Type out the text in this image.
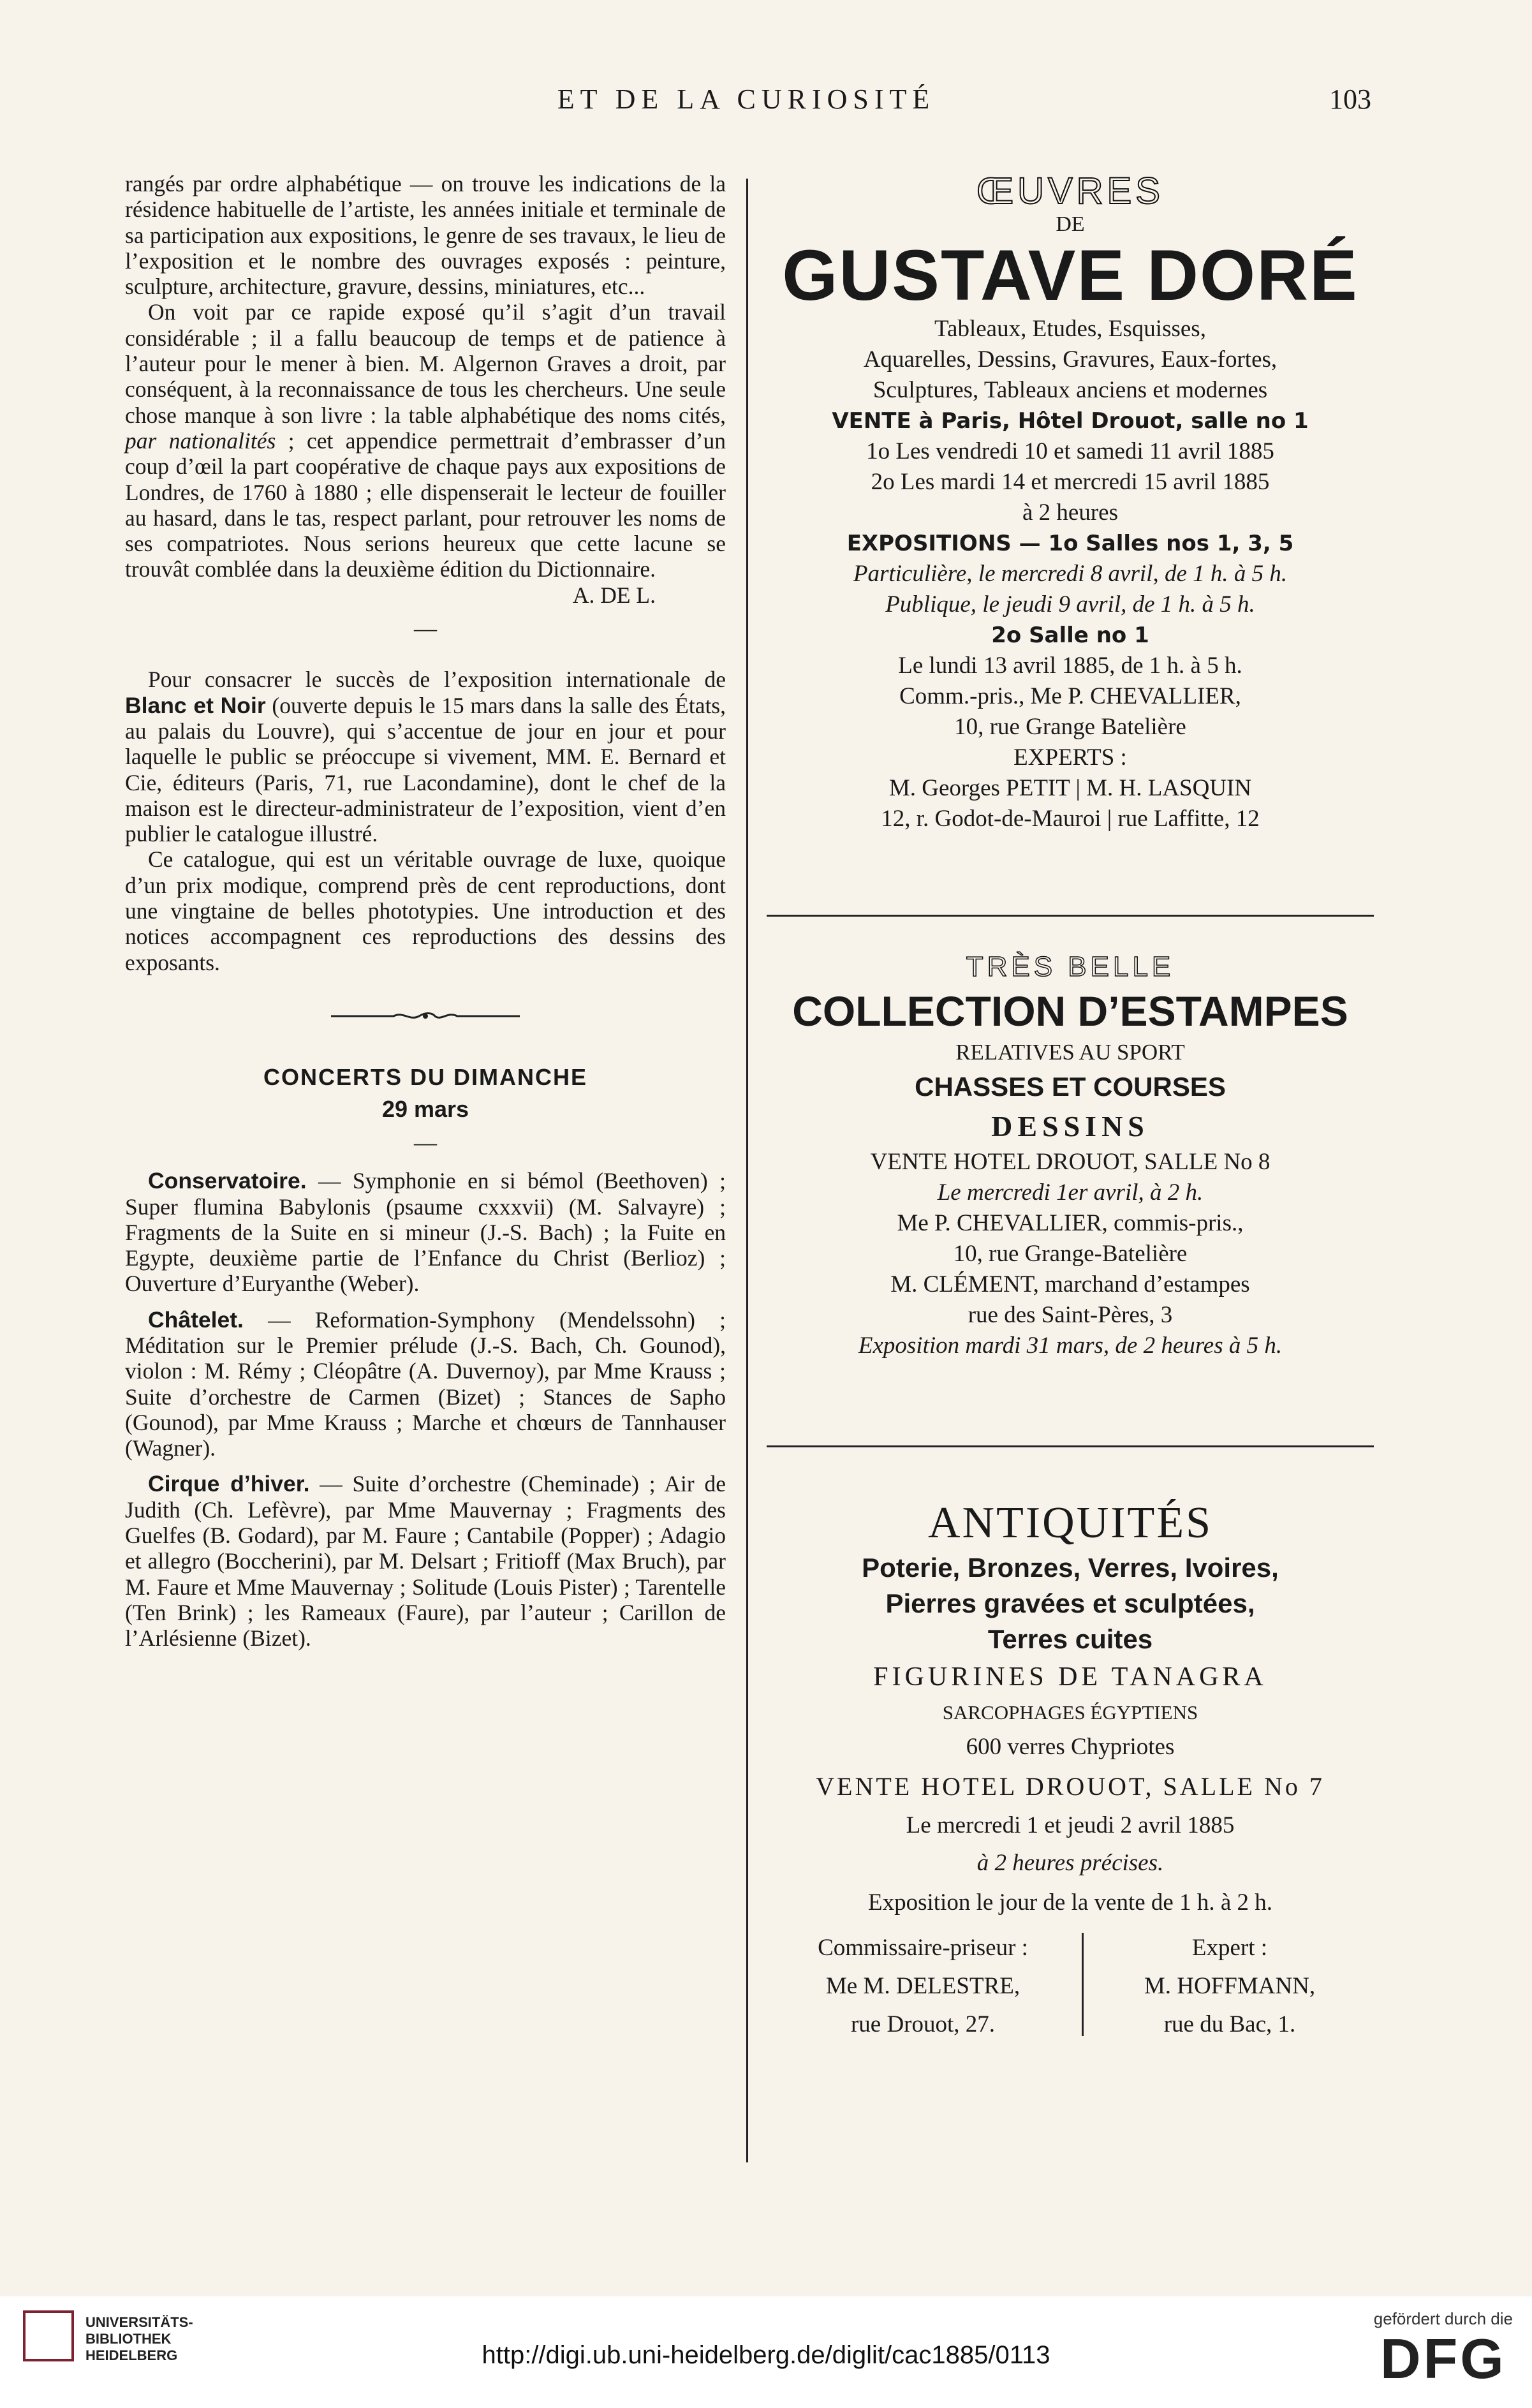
ET DE LA CURIOSITÉ	103

rangés par ordre alphabétique — on trouve les indications de la résidence habituelle de l’artiste, les années initiale et terminale de sa participation aux expositions, le genre de ses travaux, le lieu de l’exposition et le nombre des ouvrages exposés : peinture, sculpture, architecture, gravure, dessins, miniatures, etc...

On voit par ce rapide exposé qu’il s’agit d’un travail considérable ; il a fallu beaucoup de temps et de patience à l’auteur pour le mener à bien. M. Algernon Graves a droit, par conséquent, à la reconnaissance de tous les chercheurs. Une seule chose manque à son livre : la table alphabétique des noms cités, par nationalités ; cet appendice permettrait d’embrasser d’un coup d’œil la part coopérative de chaque pays aux expositions de Londres, de 1760 à 1880 ; elle dispenserait le lecteur de fouiller au hasard, dans le tas, respect parlant, pour retrouver les noms de ses compatriotes. Nous serions heureux que cette lacune se trouvât comblée dans la deuxième édition du Dictionnaire.

A. DE L.
—

Pour consacrer le succès de l’exposition internationale de Blanc et Noir (ouverte depuis le 15 mars dans la salle des États, au palais du Louvre), qui s’accentue de jour en jour et pour laquelle le public se préoccupe si vivement, MM. E. Bernard et Cie, éditeurs (Paris, 71, rue Lacondamine), dont le chef de la maison est le directeur-administrateur de l’exposition, vient d’en publier le catalogue illustré.

Ce catalogue, qui est un véritable ouvrage de luxe, quoique d’un prix modique, comprend près de cent reproductions, dont une vingtaine de belles phototypies. Une introduction et des notices accompagnent ces reproductions des dessins des exposants.

CONCERTS DU DIMANCHE
29 mars
—

Conservatoire. — Symphonie en si bémol (Beethoven) ; Super flumina Babylonis (psaume cxxxvii) (M. Salvayre) ; Fragments de la Suite en si mineur (J.-S. Bach) ; la Fuite en Egypte, deuxième partie de l’Enfance du Christ (Berlioz) ; Ouverture d’Euryanthe (Weber).

Châtelet. — Reformation-Symphony (Mendelssohn) ; Méditation sur le Premier prélude (J.-S. Bach, Ch. Gounod), violon : M. Rémy ; Cléopâtre (A. Duvernoy), par Mme Krauss ; Suite d’orchestre de Carmen (Bizet) ; Stances de Sapho (Gounod), par Mme Krauss ; Marche et chœurs de Tannhauser (Wagner).

Cirque d’hiver. — Suite d’orchestre (Cheminade) ; Air de Judith (Ch. Lefèvre), par Mme Mauvernay ; Fragments des Guelfes (B. Godard), par M. Faure ; Cantabile (Popper) ; Adagio et allegro (Boccherini), par M. Delsart ; Fritioff (Max Bruch), par M. Faure et Mme Mauvernay ; Solitude (Louis Pister) ; Tarentelle (Ten Brink) ; les Rameaux (Faure), par l’auteur ; Carillon de l’Arlésienne (Bizet).

ŒUVRES
DE
GUSTAVE DORÉ
Tableaux, Etudes, Esquisses,
Aquarelles, Dessins, Gravures, Eaux-fortes,
Sculptures, Tableaux anciens et modernes
VENTE à Paris, Hôtel Drouot, salle no 1
1o Les vendredi 10 et samedi 11 avril 1885
2o Les mardi 14 et mercredi 15 avril 1885
à 2 heures
EXPOSITIONS — 1o Salles nos 1, 3, 5
Particulière, le mercredi 8 avril, de 1 h. à 5 h.
Publique, le jeudi 9 avril, de 1 h. à 5 h.
2o Salle no 1
Le lundi 13 avril 1885, de 1 h. à 5 h.
Comm.-pris., Me P. CHEVALLIER,
10, rue Grange Batelière
EXPERTS :
M. Georges PETIT | M. H. LASQUIN
12, r. Godot-de-Mauroi | rue Laffitte, 12
TRÈS BELLE
COLLECTION D’ESTAMPES
RELATIVES AU SPORT
CHASSES ET COURSES
DESSINS
VENTE HOTEL DROUOT, SALLE No 8
Le mercredi 1er avril, à 2 h.
Me P. CHEVALLIER, commis-pris.,
10, rue Grange-Batelière
M. CLÉMENT, marchand d’estampes
rue des Saint-Pères, 3
Exposition mardi 31 mars, de 2 heures à 5 h.
ANTIQUITÉS
Poterie, Bronzes, Verres, Ivoires,
Pierres gravées et sculptées,
Terres cuites
FIGURINES DE TANAGRA
SARCOPHAGES ÉGYPTIENS
600 verres Chypriotes
VENTE HOTEL DROUOT, SALLE No 7
Le mercredi 1 et jeudi 2 avril 1885
à 2 heures précises.
Exposition le jour de la vente de 1 h. à 2 h.
Commissaire-priseur :
Me M. DELESTRE,
rue Drouot, 27.
Expert :
M. HOFFMANN,
rue du Bac, 1.
UNIVERSITÄTS-
BIBLIOTHEK
HEIDELBERG	http://digi.ub.uni-heidelberg.de/diglit/cac1885/0113
gefördert durch die
DFG
